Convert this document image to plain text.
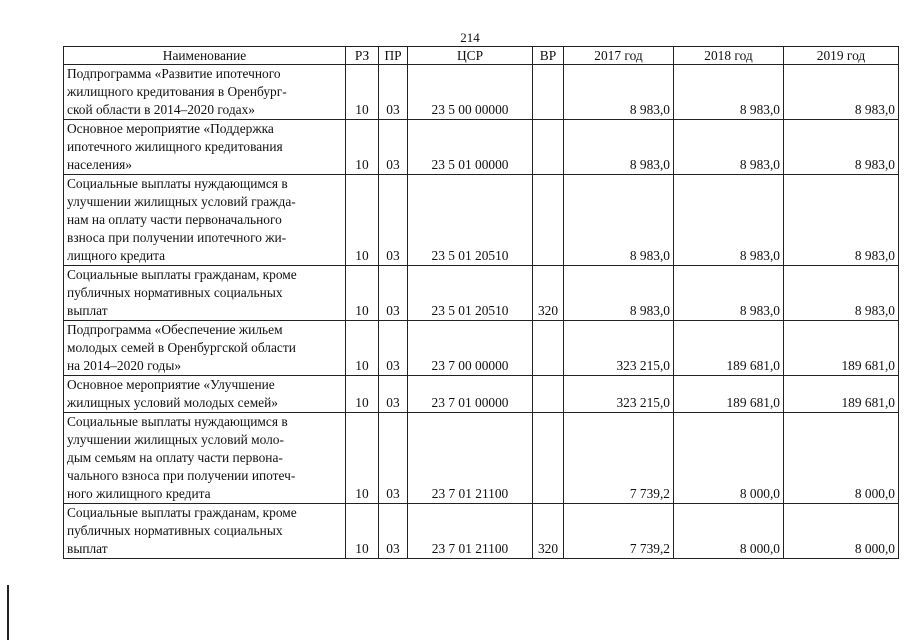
214
Наименование	РЗ	ПР	ЦСР	ВР	2017 год	2018 год	2019 год

Подпрограмма «Развитие ипотечного
жилищного кредитования в Оренбург-
ской области в 2014–2020 годах»	10	03	23 5 00 00000		8 983,0	8 983,0	8 983,0

Основное мероприятие «Поддержка
ипотечного жилищного кредитования
населения»	10	03	23 5 01 00000		8 983,0	8 983,0	8 983,0

Социальные выплаты нуждающимся в
улучшении жилищных условий гражда-
нам на оплату части первоначального
взноса при получении ипотечного жи-
лищного кредита	10	03	23 5 01 20510		8 983,0	8 983,0	8 983,0

Социальные выплаты гражданам, кроме
публичных нормативных социальных
выплат	10	03	23 5 01 20510	320	8 983,0	8 983,0	8 983,0

Подпрограмма «Обеспечение жильем
молодых семей в Оренбургской области
на 2014–2020 годы»	10	03	23 7 00 00000		323 215,0	189 681,0	189 681,0

Основное мероприятие «Улучшение
жилищных условий молодых семей»	10	03	23 7 01 00000		323 215,0	189 681,0	189 681,0

Социальные выплаты нуждающимся в
улучшении жилищных условий моло-
дым семьям на оплату части первона-
чального взноса при получении ипотеч-
ного жилищного кредита	10	03	23 7 01 21100		7 739,2	8 000,0	8 000,0

Социальные выплаты гражданам, кроме
публичных нормативных социальных
выплат	10	03	23 7 01 21100	320	7 739,2	8 000,0	8 000,0
